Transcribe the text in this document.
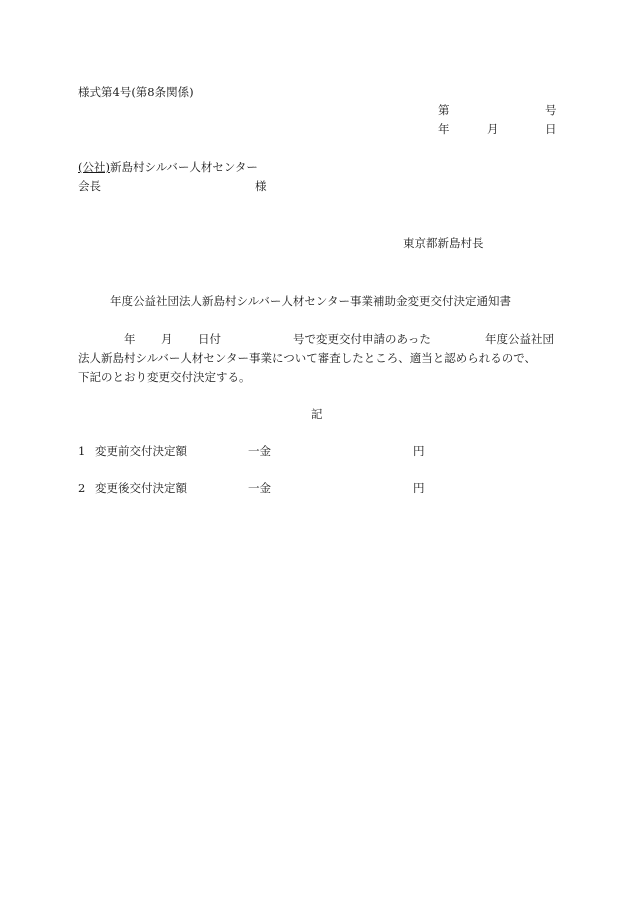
様式第4号(第8条関係)
第	号
年	月	日
(公社)新島村シルバー人材センター
会長	様
東京都新島村長
年度公益社団法人新島村シルバー人材センター事業補助金変更交付決定通知書
年 月 日付	号で変更交付申請のあった	年度公益社団
法人新島村シルバー人材センター事業について審査したところ、適当と認められるので、
下記のとおり変更交付決定する。
記
1 変更前交付決定額	一金	円
2 変更後交付決定額	一金	円
